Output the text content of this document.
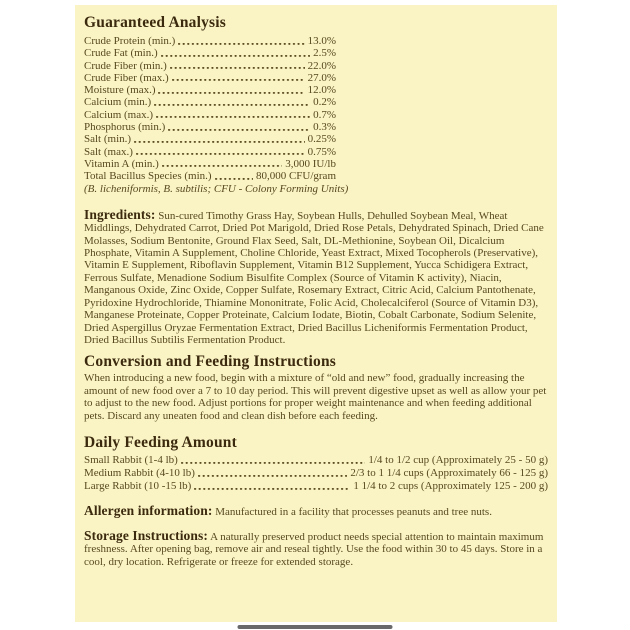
Guaranteed Analysis
Crude Protein (min.)	13.0%
Crude Fat (min.)	2.5%
Crude Fiber (min.)	22.0%
Crude Fiber (max.)	27.0%
Moisture (max.)	12.0%
Calcium (min.)	0.2%
Calcium (max.)	0.7%
Phosphorus (min.)	0.3%
Salt (min.)	0.25%
Salt (max.)	0.75%
Vitamin A (min.)	3,000 IU/lb
Total Bacillus Species (min.)	80,000 CFU/gram

(B. licheniformis, B. subtilis; CFU - Colony Forming Units)

Ingredients: Sun-cured Timothy Grass Hay, Soybean Hulls, Dehulled Soybean Meal, Wheat Middlings, Dehydrated Carrot, Dried Pot Marigold, Dried Rose Petals, Dehydrated Spinach, Dried Cane Molasses, Sodium Bentonite, Ground Flax Seed, Salt, DL-Methionine, Soybean Oil, Dicalcium Phosphate, Vitamin A Supplement, Choline Chloride, Yeast Extract, Mixed Tocopherols (Preservative), Vitamin E Supplement, Riboflavin Supplement, Vitamin B12 Supplement, Yucca Schidigera Extract, Ferrous Sulfate, Menadione Sodium Bisulfite Complex (Source of Vitamin K activity), Niacin, Manganous Oxide, Zinc Oxide, Copper Sulfate, Rosemary Extract, Citric Acid, Calcium Pantothenate, Pyridoxine Hydrochloride, Thiamine Mononitrate, Folic Acid, Cholecalciferol (Source of Vitamin D3), Manganese Proteinate, Copper Proteinate, Calcium Iodate, Biotin, Cobalt Carbonate, Sodium Selenite, Dried Aspergillus Oryzae Fermentation Extract, Dried Bacillus Licheniformis Fermentation Product, Dried Bacillus Subtilis Fermentation Product.

Conversion and Feeding Instructions

When introducing a new food, begin with a mixture of “old and new” food, gradually increasing the amount of new food over a 7 to 10 day period. This will prevent digestive upset as well as allow your pet to adjust to the new food. Adjust portions for proper weight maintenance and when feeding additional pets. Discard any uneaten food and clean dish before each feeding.

Daily Feeding Amount
Small Rabbit (1-4 lb)	1/4 to 1/2 cup (Approximately 25 - 50 g)
Medium Rabbit (4-10 lb)	2/3 to 1 1/4 cups (Approximately 66 - 125 g)
Large Rabbit (10 -15 lb)	1 1/4 to 2 cups (Approximately 125 - 200 g)

Allergen information: Manufactured in a facility that processes peanuts and tree nuts.

Storage Instructions: A naturally preserved product needs special attention to maintain maximum freshness. After opening bag, remove air and reseal tightly. Use the food within 30 to 45 days. Store in a cool, dry location. Refrigerate or freeze for extended storage.
